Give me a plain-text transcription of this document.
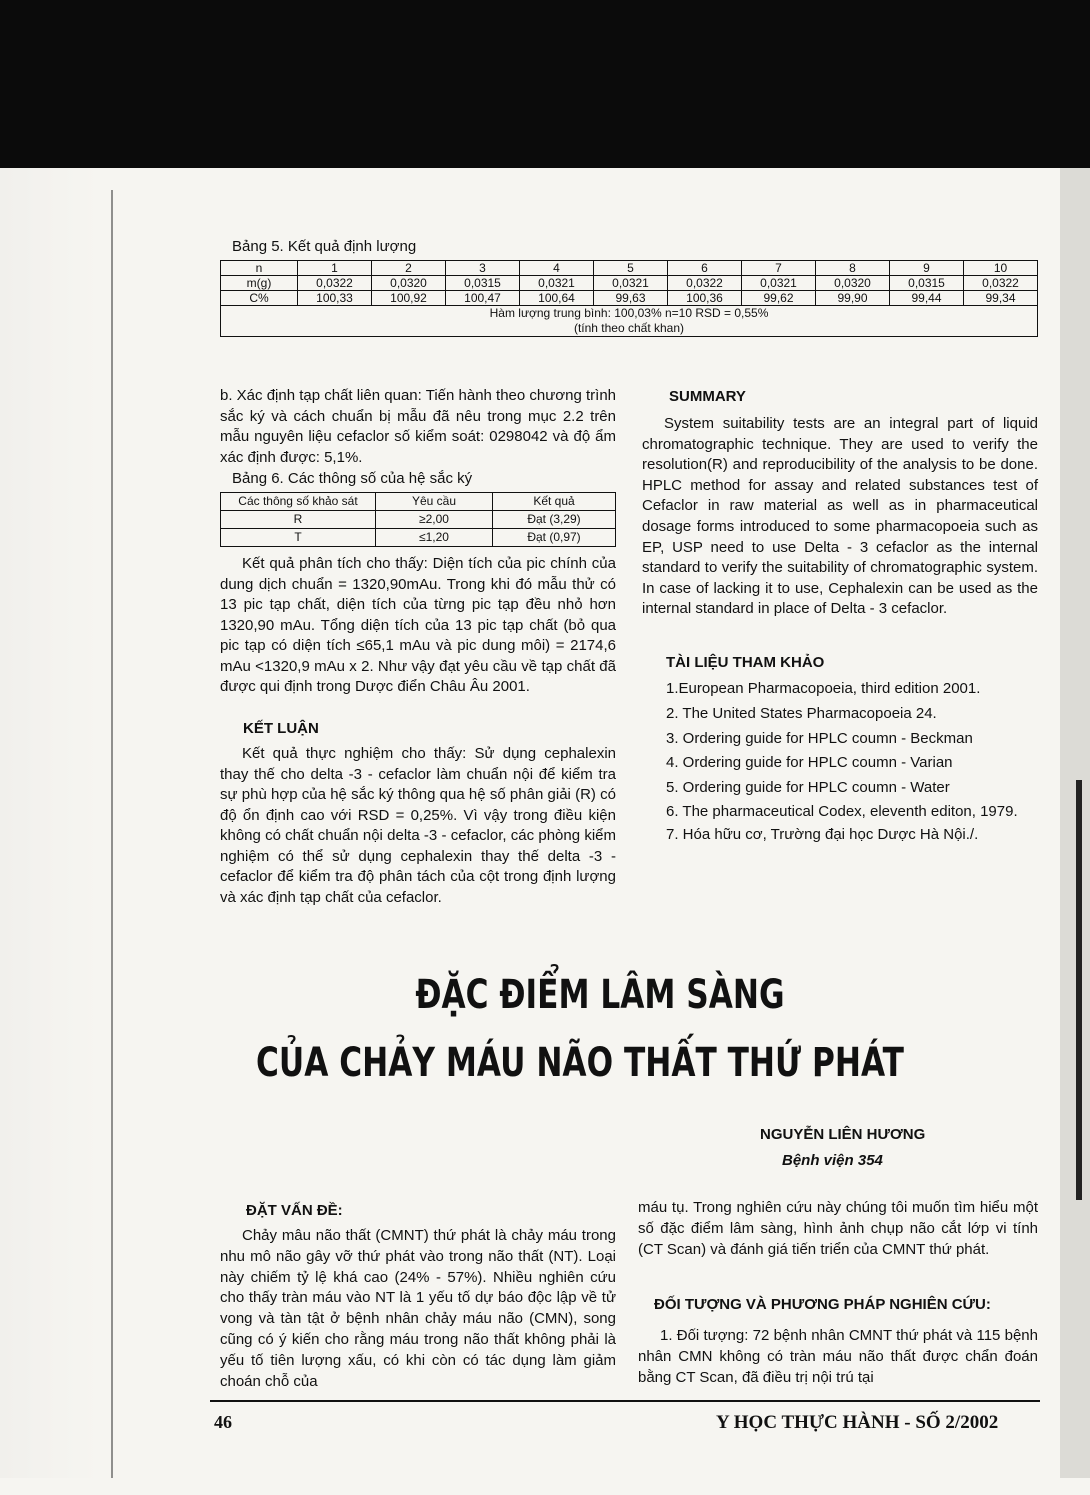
Bảng 5. Kết quả định lượng
n	1	2	3	4	5	6	7	8	9	10
m(g)	0,0322	0,0320	0,0315	0,0321	0,0321	0,0322	0,0321	0,0320	0,0315	0,0322
C%	100,33	100,92	100,47	100,64	99,63	100,36	99,62	99,90	99,44	99,34

Hàm lượng trung bình: 100,03% n=10 RSD = 0,55%
(tính theo chất khan)										

b. Xác định tạp chất liên quan: Tiến hành theo chương trình sắc ký và cách chuẩn bị mẫu đã nêu trong mục 2.2 trên mẫu nguyên liệu cefaclor số kiểm soát: 0298042 và độ ẩm xác định được: 5,1%.

Bảng 6. Các thông số của hệ sắc ký
Các thông số khảo sát	Yêu cầu	Kết quả
R	≥2,00	Đạt (3,29)
T	≤1,20	Đạt (0,97)

Kết quả phân tích cho thấy: Diện tích của pic chính của dung dịch chuẩn = 1320,90mAu. Trong khi đó mẫu thử có 13 pic tạp chất, diện tích của từng pic tạp đều nhỏ hơn 1320,90 mAu. Tổng diện tích của 13 pic tạp chất (bỏ qua pic tạp có diện tích ≤65,1 mAu và pic dung môi) = 2174,6 mAu <1320,9 mAu x 2. Như vậy đạt yêu cầu về tạp chất đã được qui định trong Dược điển Châu Âu 2001.

KẾT LUẬN

Kết quả thực nghiệm cho thấy: Sử dụng cephalexin thay thế cho delta -3 - cefaclor làm chuẩn nội để kiểm tra sự phù hợp của hệ sắc ký thông qua hệ số phân giải (R) có độ ổn định cao với RSD = 0,25%. Vì vậy trong điều kiện không có chất chuẩn nội delta -3 - cefaclor, các phòng kiểm nghiệm có thể sử dụng cephalexin thay thế delta -3 - cefaclor để kiểm tra độ phân tách của cột trong định lượng và xác định tạp chất của cefaclor.

SUMMARY

System suitability tests are an integral part of liquid chromatographic technique. They are used to verify the resolution(R) and reproducibility of the analysis to be done. HPLC method for assay and related substances test of Cefaclor in raw material as well as in pharmaceutical dosage forms introduced to some pharmacopoeia such as EP, USP need to use Delta - 3 cefaclor as the internal standard to verify the suitability of chromatographic system. In case of lacking it to use, Cephalexin can be used as the internal standard in place of Delta - 3 cefaclor.

TÀI LIỆU THAM KHẢO

1.European Pharmacopoeia, third edition 2001.

2. The United States Pharmacopoeia 24.

3. Ordering guide for HPLC coumn - Beckman

4. Ordering guide for HPLC coumn - Varian

5. Ordering guide for HPLC coumn - Water

6. The pharmaceutical Codex, eleventh editon, 1979.

7. Hóa hữu cơ, Trường đại học Dược Hà Nội./.

ĐẶC ĐIỂM LÂM SÀNG
CỦA CHẢY MÁU NÃO THẤT THỨ PHÁT
NGUYỄN LIÊN HƯƠNG
Bệnh viện 354
ĐẶT VẤN ĐỀ:

Chảy mâu não thất (CMNT) thứ phát là chảy máu trong nhu mô não gây vỡ thứ phát vào trong não thất (NT). Loại này chiếm tỷ lệ khá cao (24% - 57%). Nhiều nghiên cứu cho thấy tràn máu vào NT là 1 yếu tố dự báo độc lập về tử vong và tàn tật ở bệnh nhân chảy máu não (CMN), song cũng có ý kiến cho rằng máu trong não thất không phải là yếu tố tiên lượng xấu, có khi còn có tác dụng làm giảm choán chỗ của

máu tụ. Trong nghiên cứu này chúng tôi muốn tìm hiểu một số đặc điểm lâm sàng, hình ảnh chụp não cắt lớp vi tính (CT Scan) và đánh giá tiến triển của CMNT thứ phát.

ĐỐI TƯỢNG VÀ PHƯƠNG PHÁP NGHIÊN CỨU:

1. Đối tượng: 72 bệnh nhân CMNT thứ phát và 115 bệnh nhân CMN không có tràn máu não thất được chẩn đoán bằng CT Scan, đã điều trị nội trú tại

46	Y HỌC THỰC HÀNH - SỐ 2/2002
